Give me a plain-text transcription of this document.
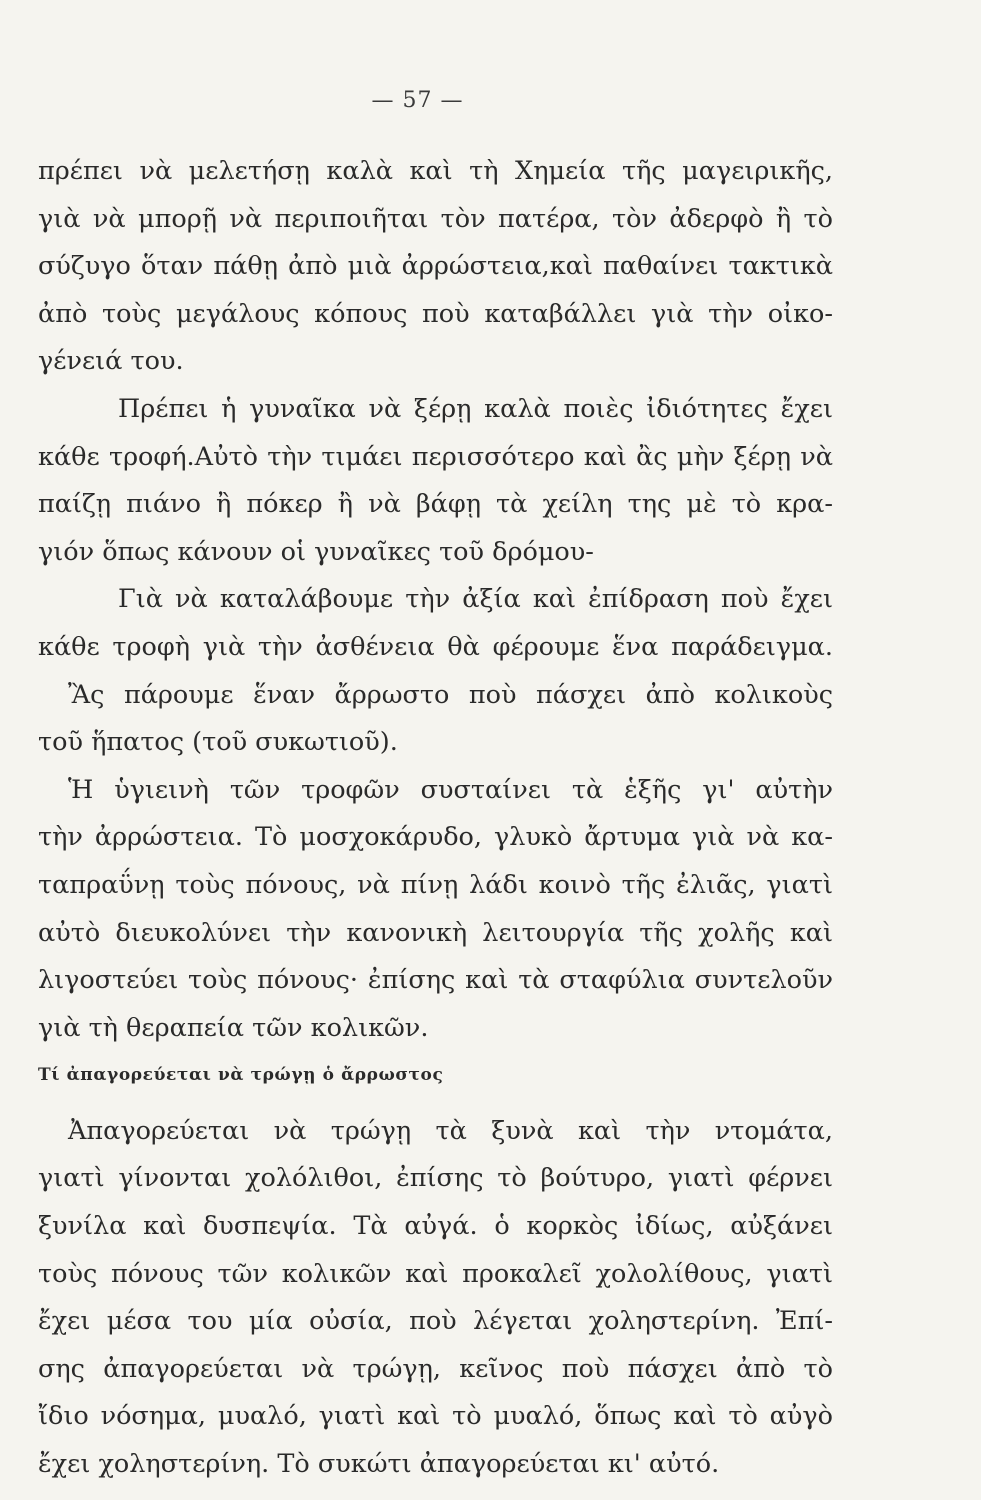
— 57 —
πρέπει νὰ μελετήσῃ καλὰ καὶ τὴ Χημεία τῆς μαγειρικῆς,
γιὰ νὰ μπορῇ νὰ περιποιῆται τὸν πατέρα, τὸν ἀδερφὸ ἢ τὸ
σύζυγο ὅταν πάθῃ ἀπὸ μιὰ ἀρρώστεια,καὶ παθαίνει τακτικὰ
ἀπὸ τοὺς μεγάλους κόπους ποὺ καταβάλλει γιὰ τὴν οἰκο-
γένειά του.
Πρέπει ἡ γυναῖκα νὰ ξέρῃ καλὰ ποιὲς ἰδιότητες ἔχει
κάθε τροφή.Αὐτὸ τὴν τιμάει περισσότερο καὶ ἂς μὴν ξέρῃ νὰ
παίζῃ πιάνο ἢ πόκερ ἢ νὰ βάφῃ τὰ χείλη της μὲ τὸ κρα-
γιόν ὅπως κάνουν οἱ γυναῖκες τοῦ δρόμου-
Γιὰ νὰ καταλάβουμε τὴν ἀξία καὶ ἐπίδραση ποὺ ἔχει
κάθε τροφὴ γιὰ τὴν ἀσθένεια θὰ φέρουμε ἕνα παράδειγμα.
Ἂς πάρουμε ἕναν ἄρρωστο ποὺ πάσχει ἀπὸ κολικοὺς
τοῦ ἥπατος (τοῦ συκωτιοῦ).
Ἡ ὑγιεινὴ τῶν τροφῶν συσταίνει τὰ ἑξῆς γι' αὐτὴν
τὴν ἀρρώστεια. Τὸ μοσχοκάρυδο, γλυκὸ ἄρτυμα γιὰ νὰ κα-
ταπραΰνῃ τοὺς πόνους, νὰ πίνῃ λάδι κοινὸ τῆς ἐλιᾶς, γιατὶ
αὐτὸ διευκολύνει τὴν κανονικὴ λειτουργία τῆς χολῆς καὶ
λιγοστεύει τοὺς πόνους· ἐπίσης καὶ τὰ σταφύλια συντελοῦν
γιὰ τὴ θεραπεία τῶν κολικῶν.
Τί ἀπαγορεύεται νὰ τρώγῃ ὁ ἄρρωστος
Ἀπαγορεύεται νὰ τρώγῃ τὰ ξυνὰ καὶ τὴν ντομάτα,
γιατὶ γίνονται χολόλιθοι, ἐπίσης τὸ βούτυρο, γιατὶ φέρνει
ξυνίλα καὶ δυσπεψία. Τὰ αὐγά. ὁ κορκὸς ἰδίως, αὐξάνει
τοὺς πόνους τῶν κολικῶν καὶ προκαλεῖ χολολίθους, γιατὶ
ἔχει μέσα του μία οὐσία, ποὺ λέγεται χοληστερίνη. Ἐπί-
σης ἀπαγορεύεται νὰ τρώγῃ, κεῖνος ποὺ πάσχει ἀπὸ τὸ
ἴδιο νόσημα, μυαλό, γιατὶ καὶ τὸ μυαλό, ὅπως καὶ τὸ αὐγὸ
ἔχει χοληστερίνη. Τὸ συκώτι ἀπαγορεύεται κι' αὐτό.
